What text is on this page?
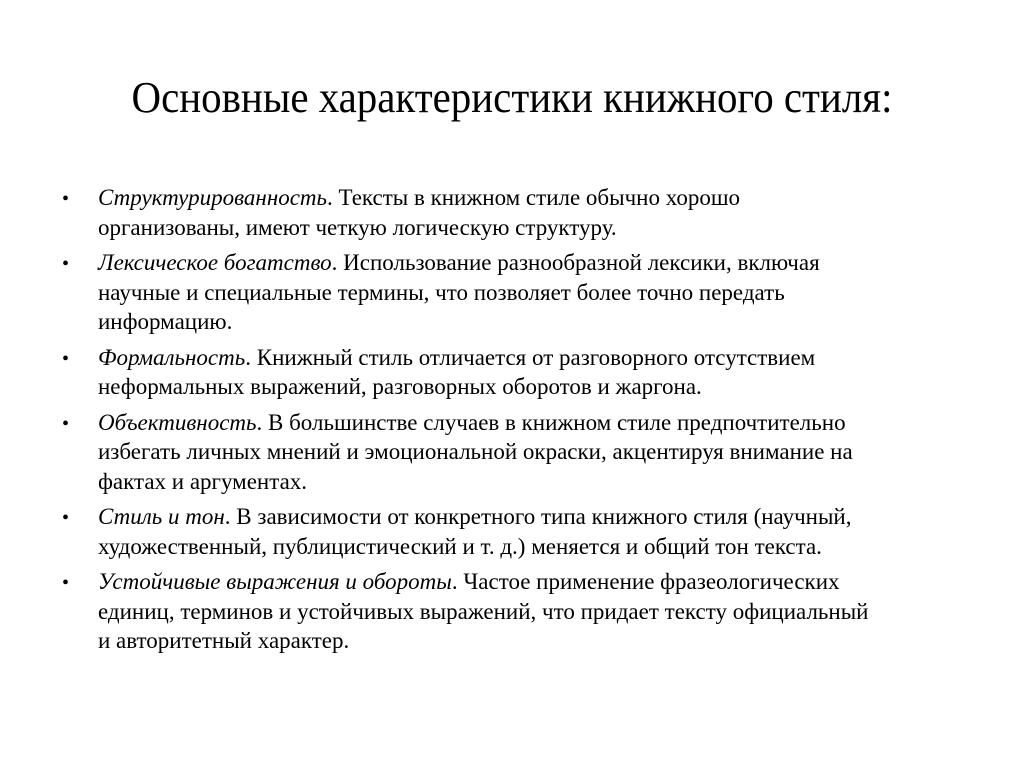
Основные характеристики книжного стиля:
• Структурированность. Тексты в книжном стиле обычно хорошо
организованы, имеют четкую логическую структуру.
• Лексическое богатство. Использование разнообразной лексики, включая
научные и специальные термины, что позволяет более точно передать
информацию.
• Формальность. Книжный стиль отличается от разговорного отсутствием
неформальных выражений, разговорных оборотов и жаргона.
• Объективность. В большинстве случаев в книжном стиле предпочтительно
избегать личных мнений и эмоциональной окраски, акцентируя внимание на
фактах и аргументах.
• Стиль и тон. В зависимости от конкретного типа книжного стиля (научный,
художественный, публицистический и т. д.) меняется и общий тон текста.
• Устойчивые выражения и обороты. Частое применение фразеологических
единиц, терминов и устойчивых выражений, что придает тексту официальный
и авторитетный характер.
